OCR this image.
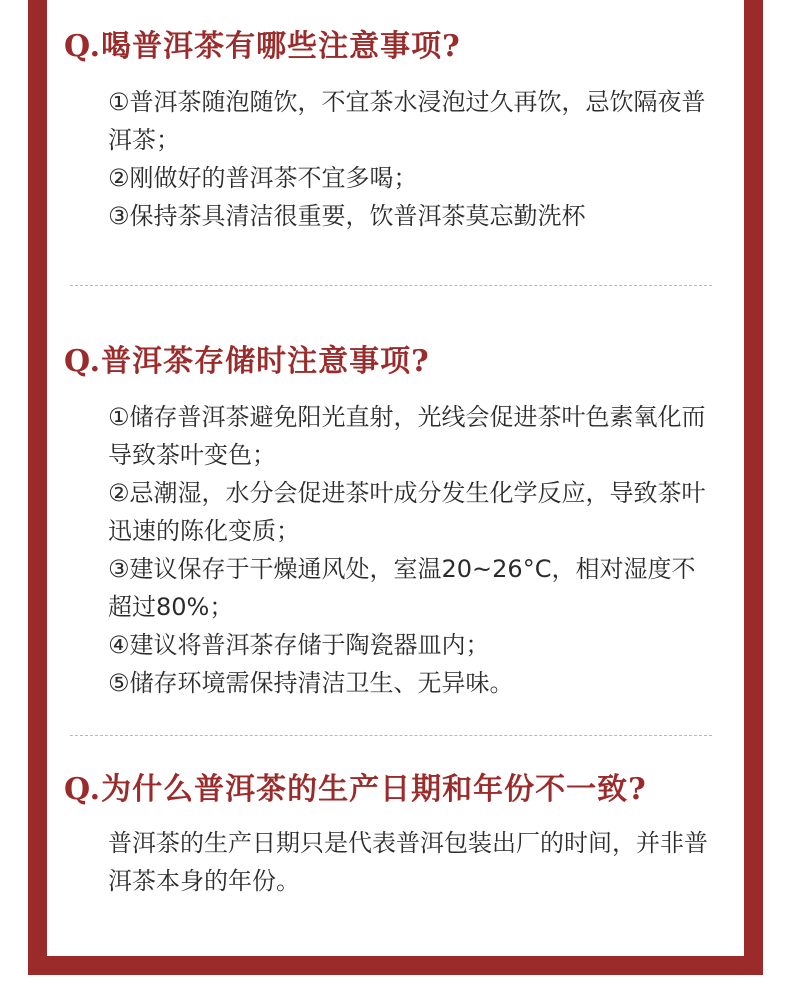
Q.喝普洱茶有哪些注意事项?
①普洱茶随泡随饮，不宜茶水浸泡过久再饮，忌饮隔夜普洱茶；
②刚做好的普洱茶不宜多喝；
③保持茶具清洁很重要，饮普洱茶莫忘勤洗杯
Q.普洱茶存储时注意事项?
①储存普洱茶避免阳光直射，光线会促进茶叶色素氧化而导致茶叶变色；
②忌潮湿，水分会促进茶叶成分发生化学反应，导致茶叶迅速的陈化变质；
③建议保存于干燥通风处，室温20~26°C，相对湿度不超过80%；
④建议将普洱茶存储于陶瓷器皿内；
⑤储存环境需保持清洁卫生、无异味。
Q.为什么普洱茶的生产日期和年份不一致?
普洱茶的生产日期只是代表普洱包装出厂的时间，并非普洱茶本身的年份。
